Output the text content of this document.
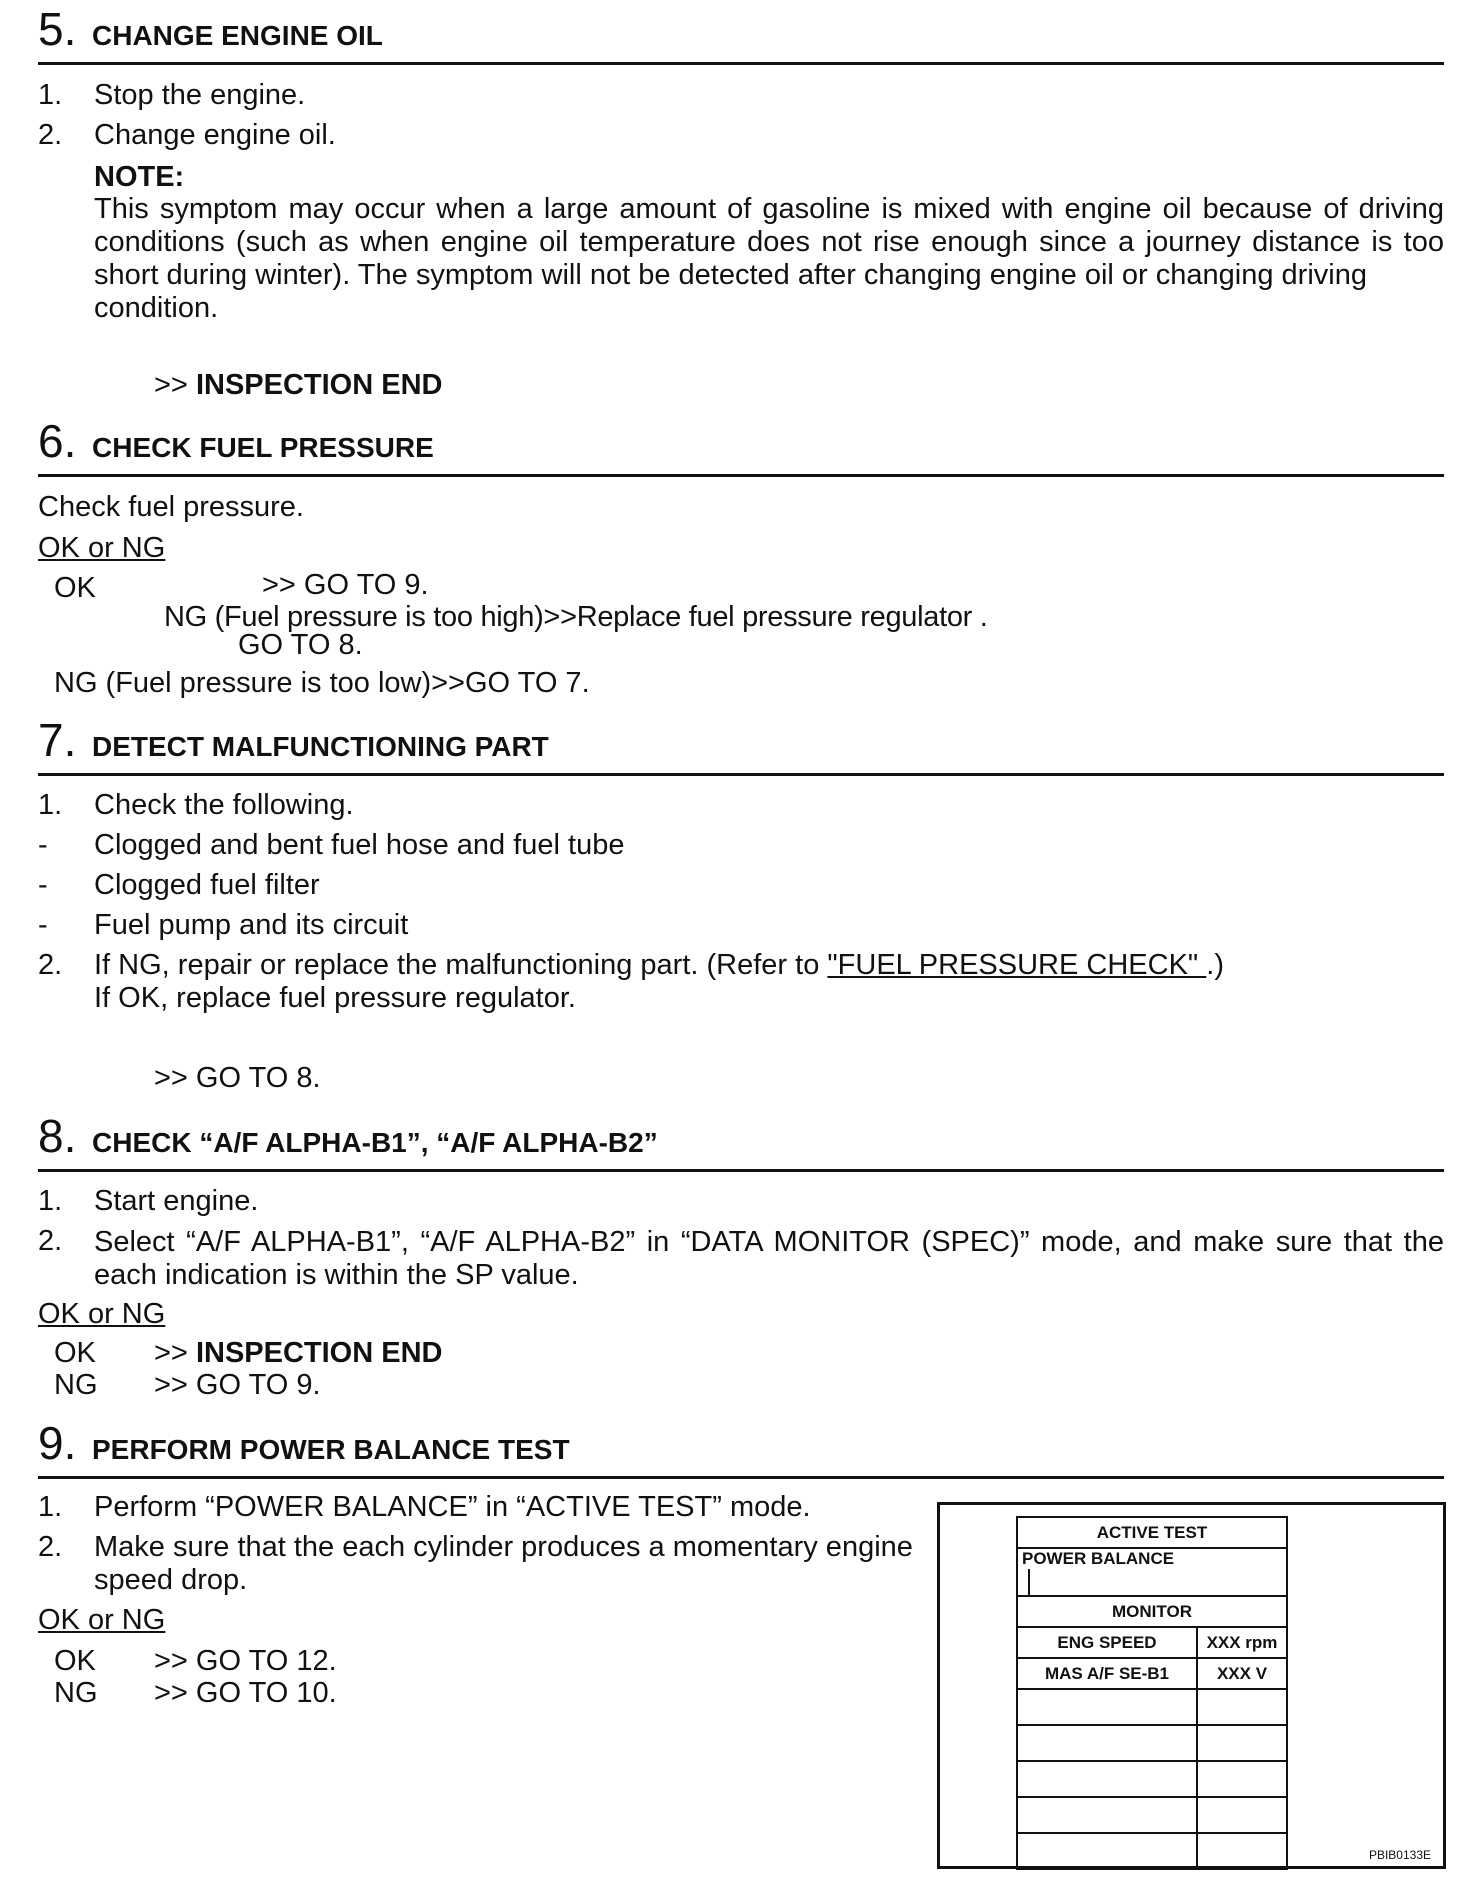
5. CHANGE ENGINE OIL
1. Stop the engine.
2. Change engine oil.
NOTE:
This symptom may occur when a large amount of gasoline is mixed with engine oil because of driving
conditions (such as when engine oil temperature does not rise enough since a journey distance is too
short during winter). The symptom will not be detected after changing engine oil or changing driving
condition.
>> INSPECTION END
6. CHECK FUEL PRESSURE
Check fuel pressure.
OK or NG
OK	>> GO TO 9.
NG (Fuel pressure is too high)>>Replace fuel pressure regulator .
GO TO 8.
NG (Fuel pressure is too low)>>GO TO 7.
7. DETECT MALFUNCTIONING PART
1. Check the following.
- Clogged and bent fuel hose and fuel tube
- Clogged fuel filter
- Fuel pump and its circuit
2. If NG, repair or replace the malfunctioning part. (Refer to "FUEL PRESSURE CHECK" .)
If OK, replace fuel pressure regulator.
>> GO TO 8.
8. CHECK “A/F ALPHA-B1”, “A/F ALPHA-B2”
1. Start engine.
2. Select “A/F ALPHA-B1”, “A/F ALPHA-B2” in “DATA MONITOR (SPEC)” mode, and make sure that the
each indication is within the SP value.
OK or NG
OK >> INSPECTION END
NG >> GO TO 9.
9. PERFORM POWER BALANCE TEST
1. Perform “POWER BALANCE” in “ACTIVE TEST” mode.
2. Make sure that the each cylinder produces a momentary engine
speed drop.
OK or NG
OK >> GO TO 12.
NG >> GO TO 10.
ACTIVE TEST	
POWER BALANCE	
MONITOR	
ENG SPEED	XXX rpm
MAS A/F SE-B1	XXX V

PBIB0133E
